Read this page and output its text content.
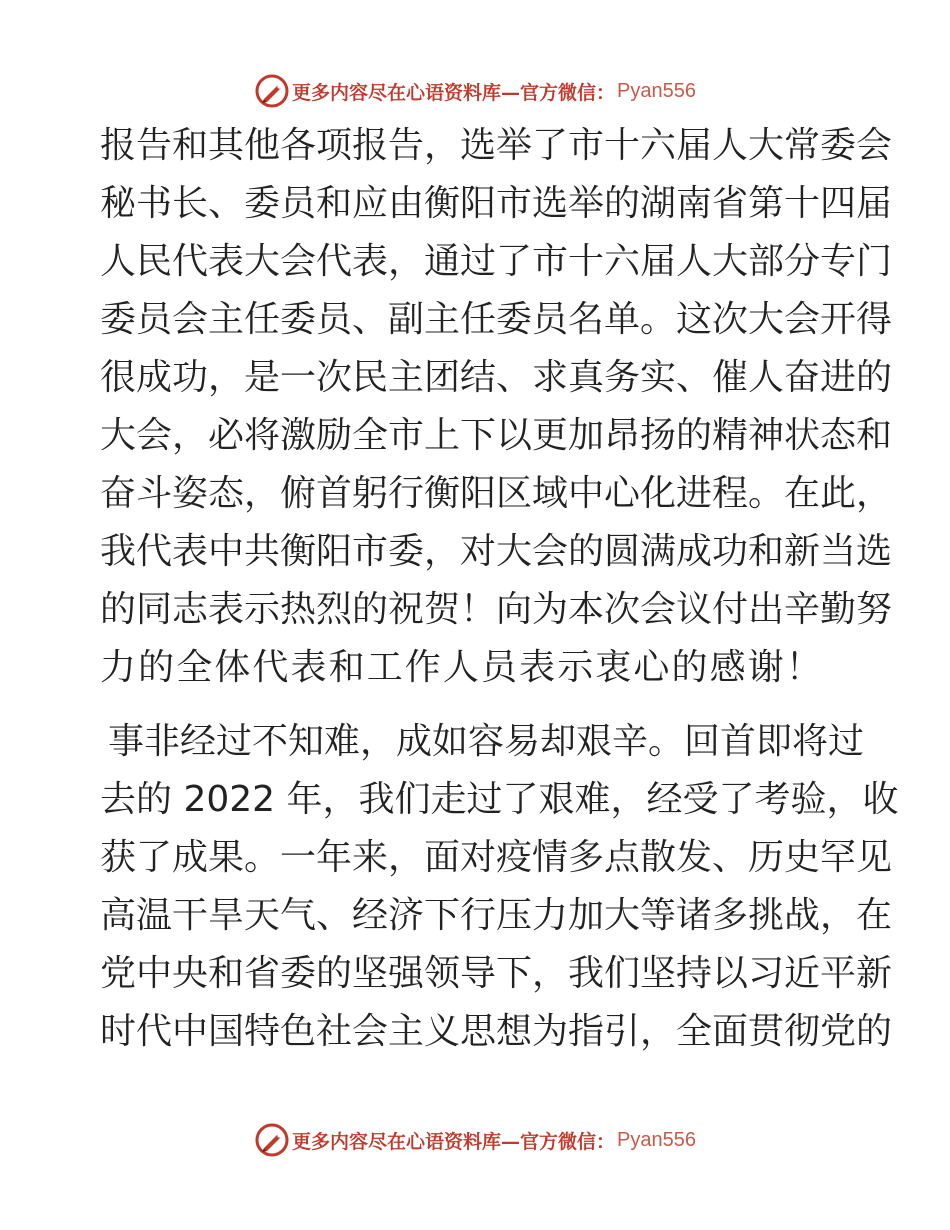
更多内容尽在心语资料库—官方微信： Pyan556
报告和其他各项报告，选举了市十六届人大常委会
秘书长、委员和应由衡阳市选举的湖南省第十四届
人民代表大会代表，通过了市十六届人大部分专门
委员会主任委员、副主任委员名单。这次大会开得
很成功，是一次民主团结、求真务实、催人奋进的
大会，必将激励全市上下以更加昂扬的精神状态和
奋斗姿态，俯首躬行衡阳区域中心化进程。在此，
我代表中共衡阳市委，对大会的圆满成功和新当选
的同志表示热烈的祝贺！向为本次会议付出辛勤努
力的全体代表和工作人员表示衷心的感谢！
事非经过不知难，成如容易却艰辛。回首即将过
去的 2022 年，我们走过了艰难，经受了考验，收
获了成果。一年来，面对疫情多点散发、历史罕见
高温干旱天气、经济下行压力加大等诸多挑战，在
党中央和省委的坚强领导下，我们坚持以习近平新
时代中国特色社会主义思想为指引，全面贯彻党的
更多内容尽在心语资料库—官方微信： Pyan556
